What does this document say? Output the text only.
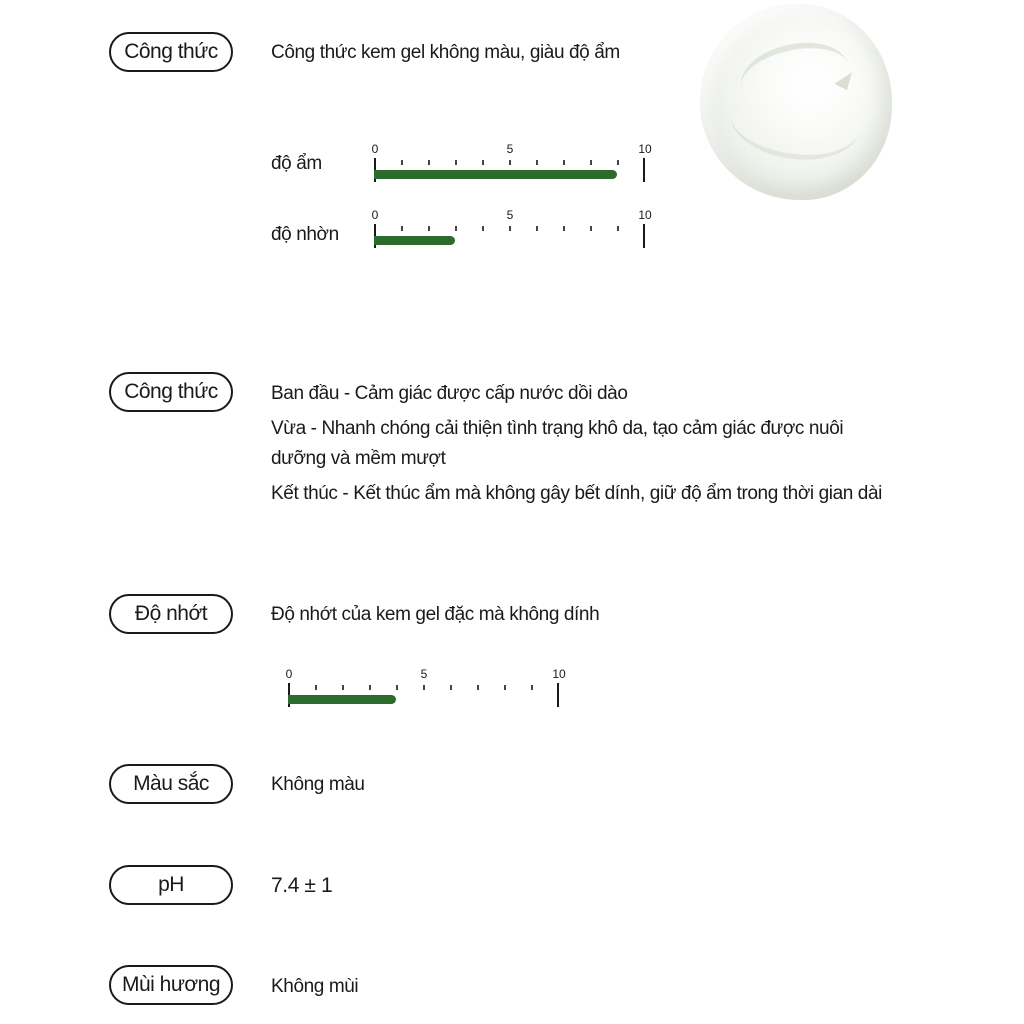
Công thức	Công thức kem gel không màu, giàu độ ẩm
độ ẩm
0	5	10
độ nhờn
0	5	10
Công thức	Ban đầu - Cảm giác được cấp nước dồi dào
Vừa - Nhanh chóng cải thiện tình trạng khô da, tạo cảm giác được nuôi
dưỡng và mềm mượt
Kết thúc - Kết thúc ẩm mà không gây bết dính, giữ độ ẩm trong thời gian dài
Độ nhớt	Độ nhớt của kem gel đặc mà không dính
0	5	10
Màu sắc	Không màu
pH	7.4 ± 1
Mùi hương	Không mùi
